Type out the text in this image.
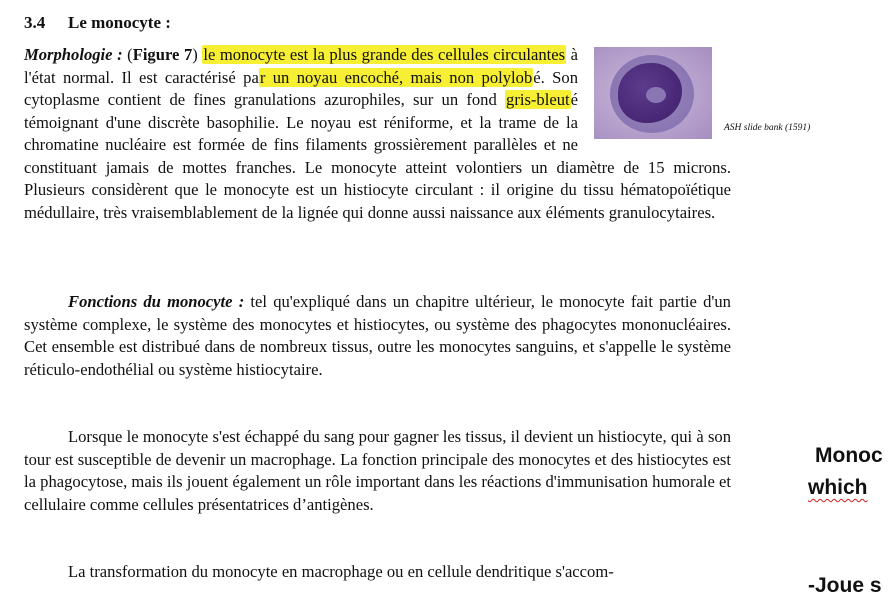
3.4 Le monocyte :

ASH slide bank (1591)
Morphologie : (Figure 7) le monocyte est la plus grande des cellules circulantes à l'état normal. Il est caractérisé par un noyau encoché, mais non polylobé. Son cytoplasme contient de fines granulations azurophiles, sur un fond gris-bleuté témoignant d'une discrète basophilie. Le noyau est réniforme, et la trame de la chromatine nucléaire est formée de fins filaments grossièrement parallèles et ne constituant jamais de mottes franches. Le monocyte atteint volontiers un diamètre de 15 microns. Plusieurs considèrent que le monocyte est un histiocyte circulant : il origine du tissu hématopoïétique médullaire, très vraisemblablement de la lignée qui donne aussi naissance aux éléments granulocytaires.

Fonctions du monocyte : tel qu'expliqué dans un chapitre ultérieur, le monocyte fait partie d'un système complexe, le système des monocytes et histiocytes, ou système des phagocytes mononucléaires. Cet ensemble est distribué dans de nombreux tissus, outre les monocytes sanguins, et s'appelle le système réticulo-endothélial ou système histiocytaire.

Lorsque le monocyte s'est échappé du sang pour gagner les tissus, il devient un histiocyte, qui à son tour est susceptible de devenir un macrophage. La fonction principale des monocytes et des histiocytes est la phagocytose, mais ils jouent également un rôle important dans les réactions d'immunisation humorale et cellulaire comme cellules présentatrices d’antigènes.

La transformation du monocyte en macrophage ou en cellule dendritique s'accom-

Monoc
which
-Joue s
